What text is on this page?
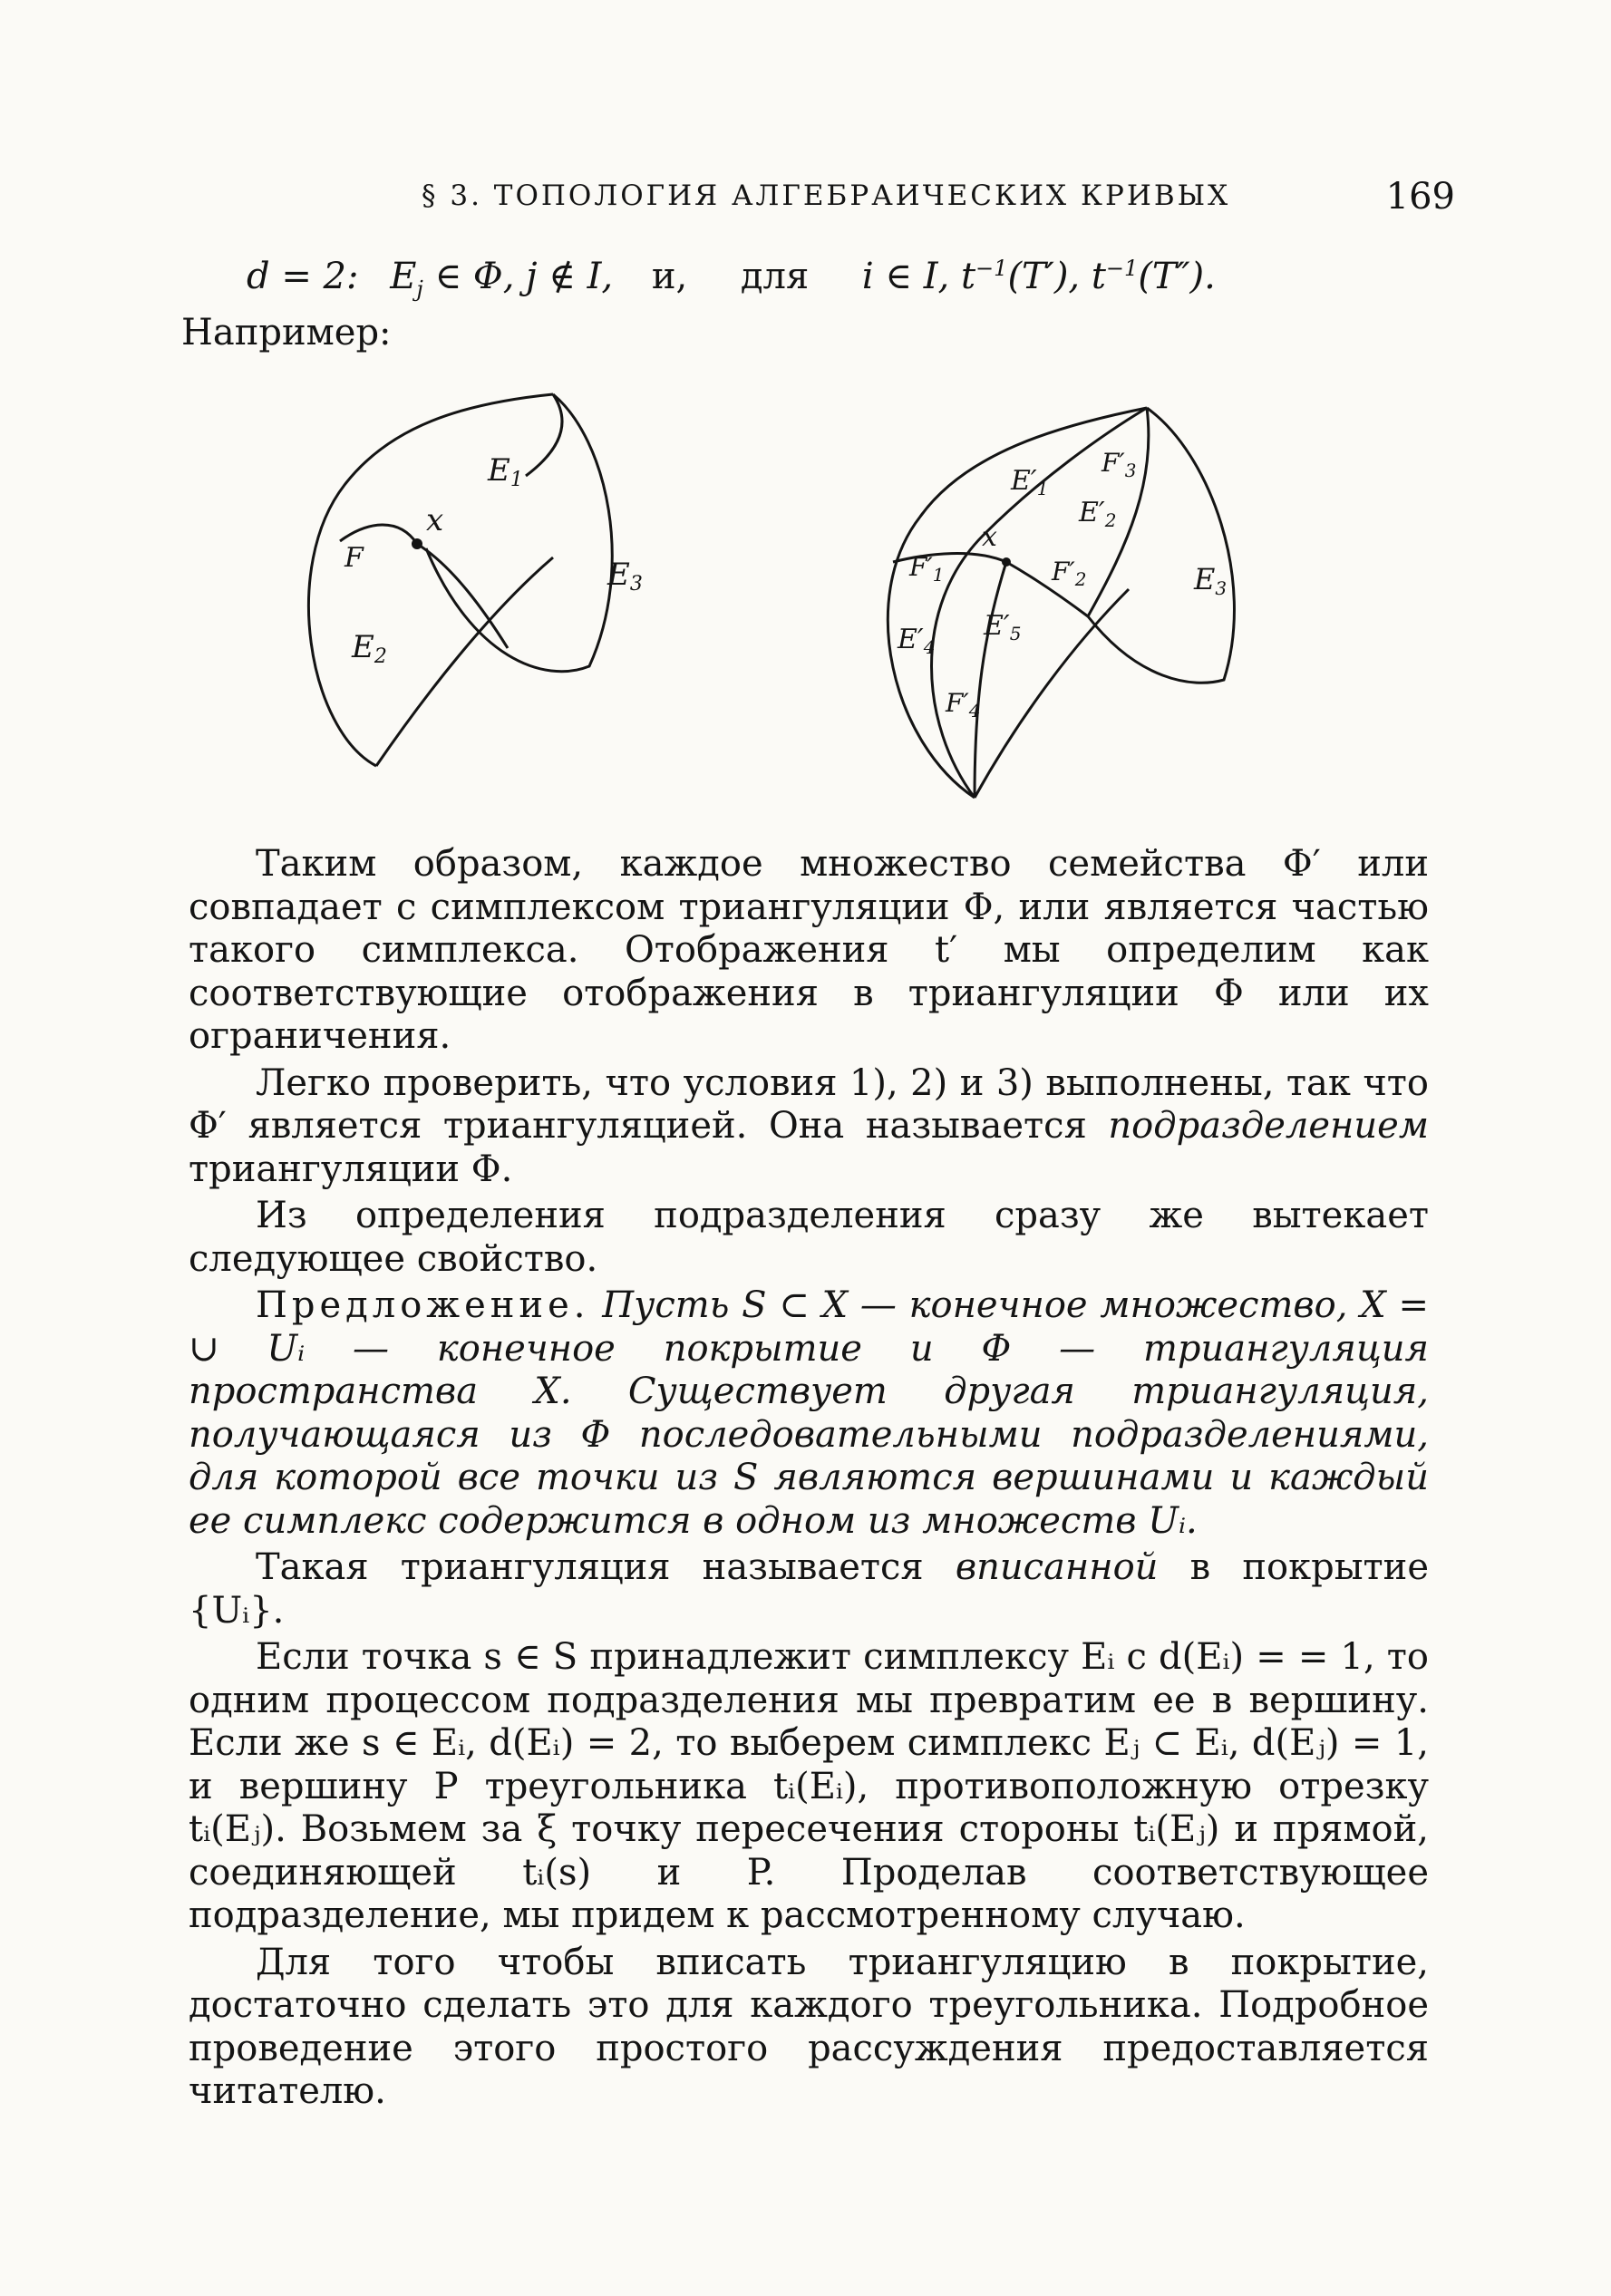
§ 3. ТОПОЛОГИЯ АЛГЕБРАИЧЕСКИХ КРИВЫХ	169
d = 2: $E_j$ ∈ Φ, j ∉ I, и, для i ∈ I, t−1(T′), t−1(T″).
Например:
E1
x
F	E3
E2
$E'_1$
$F'_3$
$E'_2$
x
$F'_1$	$F'_2$	E3
$E'_4$
$E'_5$
$F'_4$

Таким образом, каждое множество семейства Φ′ или совпадает с симплексом триангуляции Φ, или является частью такого симплекса. Отображения t′ мы определим как соответствующие отображения в триангуляции Φ или их ограничения.

Легко проверить, что условия 1), 2) и 3) выполнены, так что Φ′ является триангуляцией. Она называется подразделением триангуляции Φ.

Из определения подразделения сразу же вытекает следующее свойство.

Предложение. Пусть S ⊂ X — конечное множество, X = ∪ Uᵢ — конечное покрытие и Φ — триангуляция пространства X. Существует другая триангуляция, получающаяся из Φ последовательными подразделениями, для которой все точки из S являются вершинами и каждый ее симплекс содержится в одном из множеств Uᵢ.

Такая триангуляция называется вписанной в покрытие {Uᵢ}.

Если точка s ∈ S принадлежит симплексу Eᵢ с d(Eᵢ) = = 1, то одним процессом подразделения мы превратим ее в вершину. Если же s ∈ Eᵢ, d(Eᵢ) = 2, то выберем симплекс Eⱼ ⊂ Eᵢ, d(Eⱼ) = 1, и вершину P треугольника tᵢ(Eᵢ), противоположную отрезку tᵢ(Eⱼ). Возьмем за ξ точку пересечения стороны tᵢ(Eⱼ) и прямой, соединяющей tᵢ(s) и P. Проделав соответствующее подразделение, мы придем к рассмотренному случаю.

Для того чтобы вписать триангуляцию в покрытие, достаточно сделать это для каждого треугольника. Подробное проведение этого простого рассуждения предоставляется читателю.
